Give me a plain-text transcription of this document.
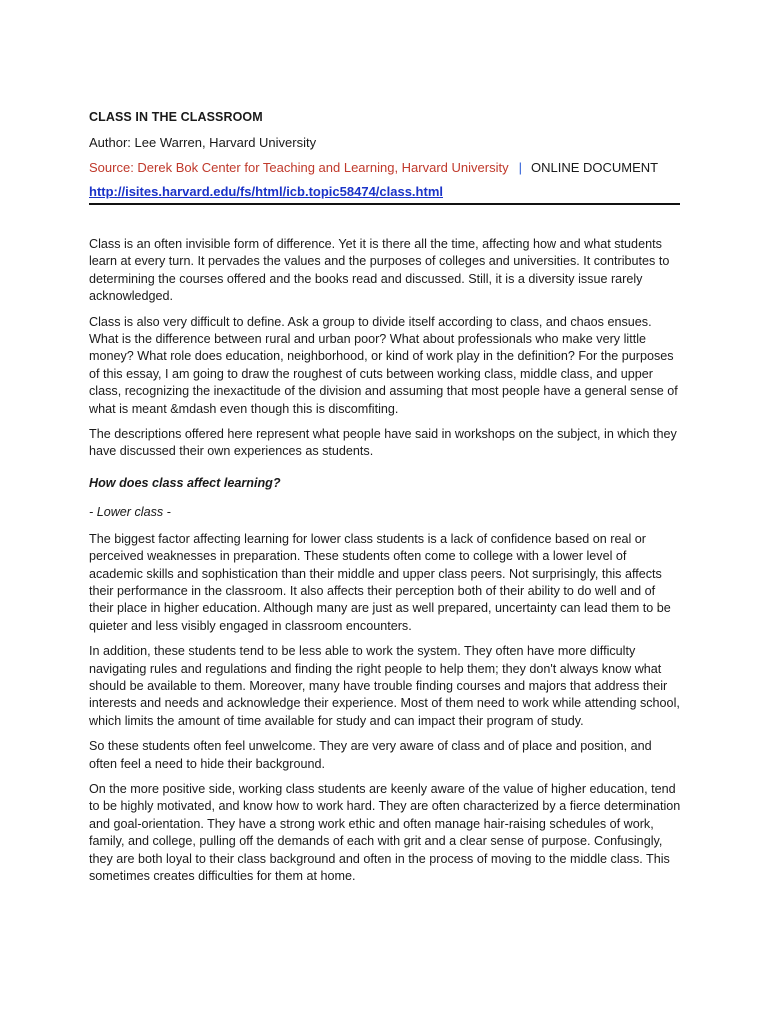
CLASS IN THE CLASSROOM
Author: Lee Warren, Harvard University
Source: Derek Bok Center for Teaching and Learning, Harvard University | ONLINE DOCUMENT
http://isites.harvard.edu/fs/html/icb.topic58474/class.html

Class is an often invisible form of difference. Yet it is there all the time, affecting how and what students learn at every turn. It pervades the values and the purposes of colleges and universities. It contributes to determining the courses offered and the books read and discussed. Still, it is a diversity issue rarely acknowledged.

Class is also very difficult to define. Ask a group to divide itself according to class, and chaos ensues. What is the difference between rural and urban poor? What about professionals who make very little money? What role does education, neighborhood, or kind of work play in the definition? For the purposes of this essay, I am going to draw the roughest of cuts between working class, middle class, and upper class, recognizing the inexactitude of the division and assuming that most people have a general sense of what is meant &mdash even though this is discomfiting.

The descriptions offered here represent what people have said in workshops on the subject, in which they have discussed their own experiences as students.

How does class affect learning?

- Lower class -

The biggest factor affecting learning for lower class students is a lack of confidence based on real or perceived weaknesses in preparation. These students often come to college with a lower level of academic skills and sophistication than their middle and upper class peers. Not surprisingly, this affects their performance in the classroom. It also affects their perception both of their ability to do well and of their place in higher education. Although many are just as well prepared, uncertainty can lead them to be quieter and less visibly engaged in classroom encounters.

In addition, these students tend to be less able to work the system. They often have more difficulty navigating rules and regulations and finding the right people to help them; they don't always know what should be available to them. Moreover, many have trouble finding courses and majors that address their interests and needs and acknowledge their experience. Most of them need to work while attending school, which limits the amount of time available for study and can impact their program of study.

So these students often feel unwelcome. They are very aware of class and of place and position, and often feel a need to hide their background.

On the more positive side, working class students are keenly aware of the value of higher education, tend to be highly motivated, and know how to work hard. They are often characterized by a fierce determination and goal-orientation. They have a strong work ethic and often manage hair-raising schedules of work, family, and college, pulling off the demands of each with grit and a clear sense of purpose. Confusingly, they are both loyal to their class background and often in the process of moving to the middle class. This sometimes creates difficulties for them at home.
